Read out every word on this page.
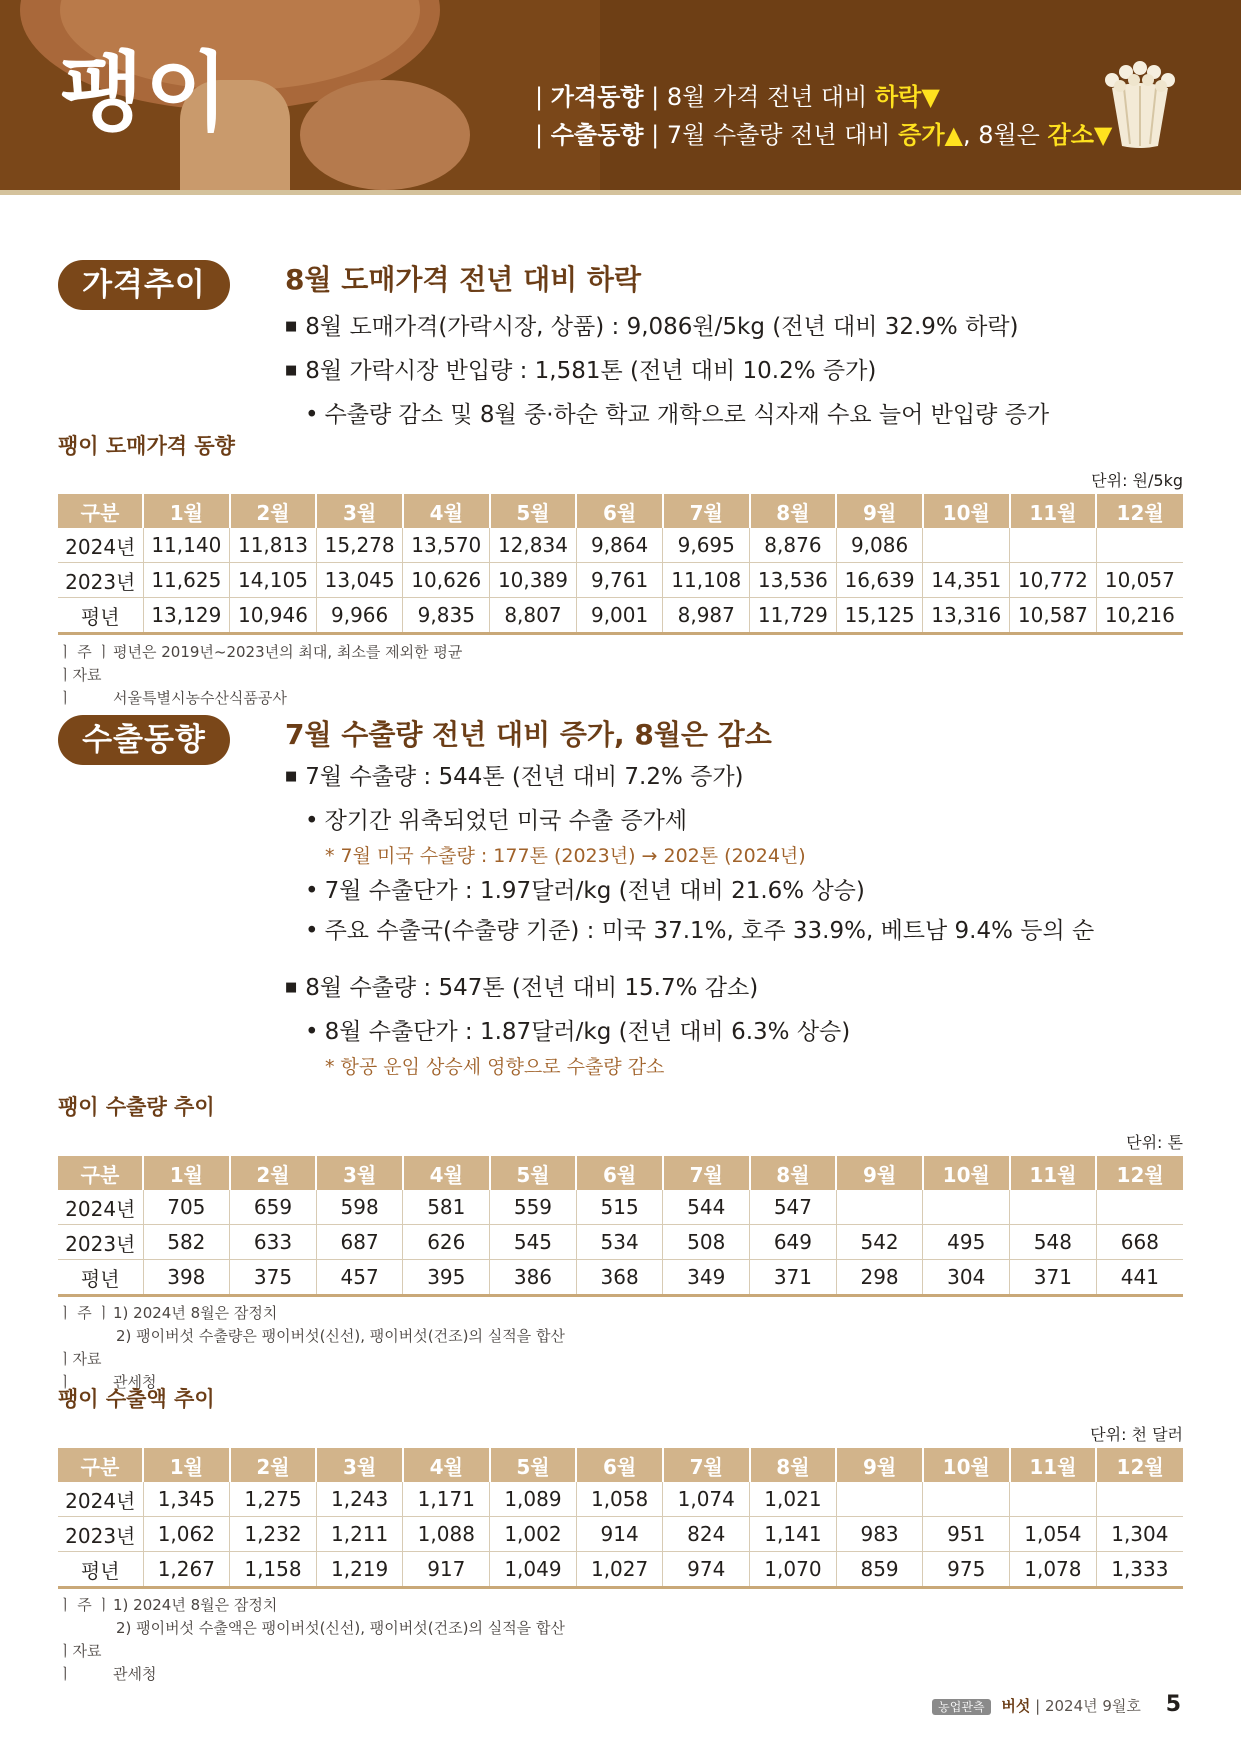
팽이	| 가격동향 | 8월 가격 전년 대비 하락▼
| 수출동향 | 7월 수출량 전년 대비 증가▲, 8월은 감소▼
가격추이	8월 도매가격 전년 대비 하락
■ 8월 도매가격(가락시장, 상품) : 9,086원/5kg (전년 대비 32.9% 하락)
■ 8월 가락시장 반입량 : 1,581톤 (전년 대비 10.2% 증가)
• 수출량 감소 및 8월 중·하순 학교 개학으로 식자재 수요 늘어 반입량 증가
팽이 도매가격 동향
단위: 원/5kg
구분	1월	2월	3월	4월	5월	6월	7월	8월	9월	10월	11월	12월
2024년	11,140	11,813	15,278	13,570	12,834	9,864	9,695	8,876	9,086			
2023년	11,625	14,105	13,045	10,626	10,389	9,761	11,108	13,536	16,639	14,351	10,772	10,057
평년	13,129	10,946	9,966	9,835	8,807	9,001	8,987	11,729	15,125	13,316	10,587	10,216
ㅣ 주 ㅣ 평년은 2019년~2023년의 최대, 최소를 제외한 평균
ㅣ자료ㅣ	서울특별시농수산식품공사
수출동향	7월 수출량 전년 대비 증가, 8월은 감소
■ 7월 수출량 : 544톤 (전년 대비 7.2% 증가)
• 장기간 위축되었던 미국 수출 증가세
* 7월 미국 수출량 : 177톤 (2023년) → 202톤 (2024년)
• 7월 수출단가 : 1.97달러/kg (전년 대비 21.6% 상승)
• 주요 수출국(수출량 기준) : 미국 37.1%, 호주 33.9%, 베트남 9.4% 등의 순
■ 8월 수출량 : 547톤 (전년 대비 15.7% 감소)
• 8월 수출단가 : 1.87달러/kg (전년 대비 6.3% 상승)
* 항공 운임 상승세 영향으로 수출량 감소
팽이 수출량 추이
단위: 톤
구분	1월	2월	3월	4월	5월	6월	7월	8월	9월	10월	11월	12월
2024년	705	659	598	581	559	515	544	547				
2023년	582	633	687	626	545	534	508	649	542	495	548	668
평년	398	375	457	395	386	368	349	371	298	304	371	441
ㅣ 주 ㅣ 1) 2024년 8월은 잠정치
2) 팽이버섯 수출량은 팽이버섯(신선), 팽이버섯(건조)의 실적을 합산
ㅣ자료ㅣ	관세청
팽이 수출액 추이
단위: 천 달러
구분	1월	2월	3월	4월	5월	6월	7월	8월	9월	10월	11월	12월
2024년	1,345	1,275	1,243	1,171	1,089	1,058	1,074	1,021				
2023년	1,062	1,232	1,211	1,088	1,002	914	824	1,141	983	951	1,054	1,304
평년	1,267	1,158	1,219	917	1,049	1,027	974	1,070	859	975	1,078	1,333
ㅣ 주 ㅣ 1) 2024년 8월은 잠정치
2) 팽이버섯 수출액은 팽이버섯(신선), 팽이버섯(건조)의 실적을 합산
ㅣ자료ㅣ	관세청
농업관측 버섯 | 2024년 9월호 5
